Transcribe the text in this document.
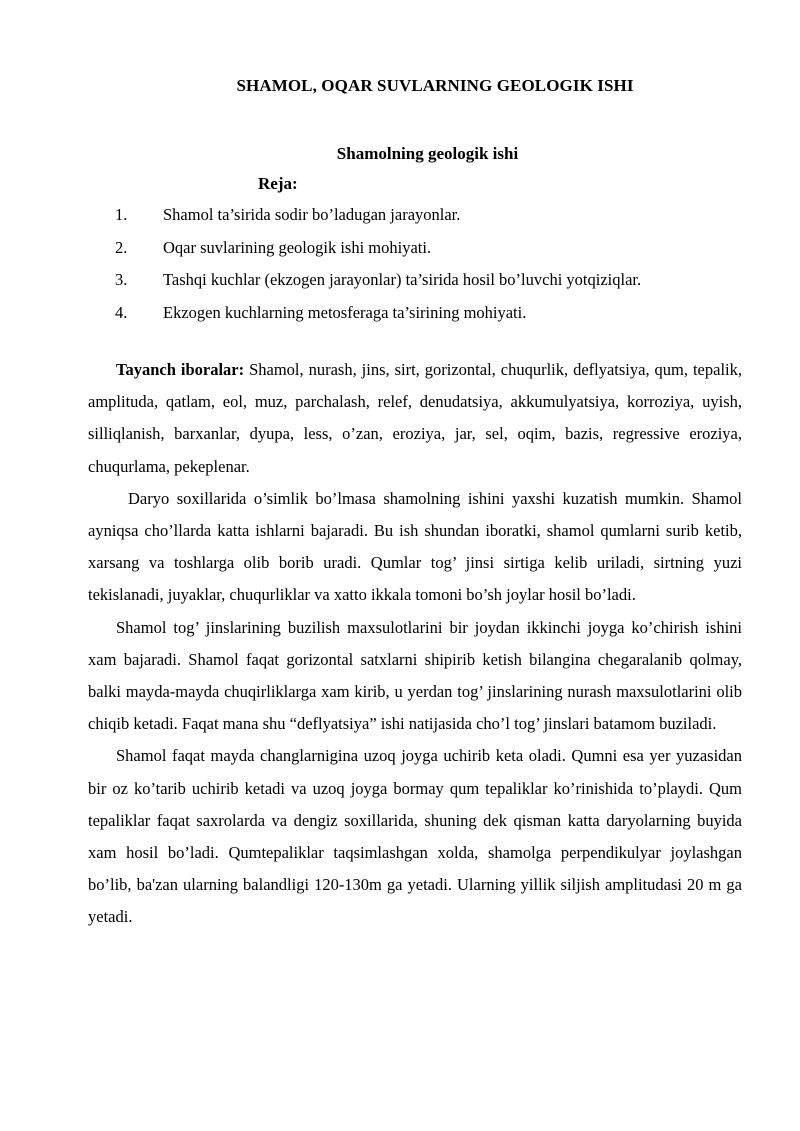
SHAMOL, OQAR SUVLARNING GEOLOGIK ISHI
Shamolning geologik ishi
Reja:
1. Shamol ta’sirida sodir bo’ladugan jarayonlar.
2. Oqar suvlarining geologik ishi mohiyati.
3. Tashqi kuchlar (ekzogen jarayonlar) ta’sirida hosil bo’luvchi yotqiziqlar.
4. Ekzogen kuchlarning metosferaga ta’sirining mohiyati.

Tayanch iboralar: Shamol, nurash, jins, sirt, gorizontal, chuqurlik, deflyatsiya, qum, tepalik, amplituda, qatlam, eol, muz, parchalash, relef, denudatsiya, akkumulyatsiya, korroziya, uyish, silliqlanish, barxanlar, dyupa, less, o’zan, eroziya, jar, sel, oqim, bazis, regressive eroziya, chuqurlama, pekeplenar.

Daryo soxillarida o’simlik bo’lmasa shamolning ishini yaxshi kuzatish mumkin. Shamol ayniqsa cho’llarda katta ishlarni bajaradi. Bu ish shundan iboratki, shamol qumlarni surib ketib, xarsang va toshlarga olib borib uradi. Qumlar tog’ jinsi sirtiga kelib uriladi, sirtning yuzi tekislanadi, juyaklar, chuqurliklar va xatto ikkala tomoni bo’sh joylar hosil bo’ladi.

Shamol tog’ jinslarining buzilish maxsulotlarini bir joydan ikkinchi joyga ko’chirish ishini xam bajaradi. Shamol faqat gorizontal satxlarni shipirib ketish bilangina chegaralanib qolmay, balki mayda-mayda chuqirliklarga xam kirib, u yerdan tog’ jinslarining nurash maxsulotlarini olib chiqib ketadi. Faqat mana shu “deflyatsiya” ishi natijasida cho’l tog’ jinslari batamom buziladi.

Shamol faqat mayda changlarnigina uzoq joyga uchirib keta oladi. Qumni esa yer yuzasidan bir oz ko’tarib uchirib ketadi va uzoq joyga bormay qum tepaliklar ko’rinishida to’playdi. Qum tepaliklar faqat saxrolarda va dengiz soxillarida, shuning dek qisman katta daryolarning buyida xam hosil bo’ladi. Qumtepaliklar taqsimlashgan xolda, shamolga perpendikulyar joylashgan bo’lib, ba'zan ularning balandligi 120-130m ga yetadi. Ularning yillik siljish amplitudasi 20 m ga yetadi.
